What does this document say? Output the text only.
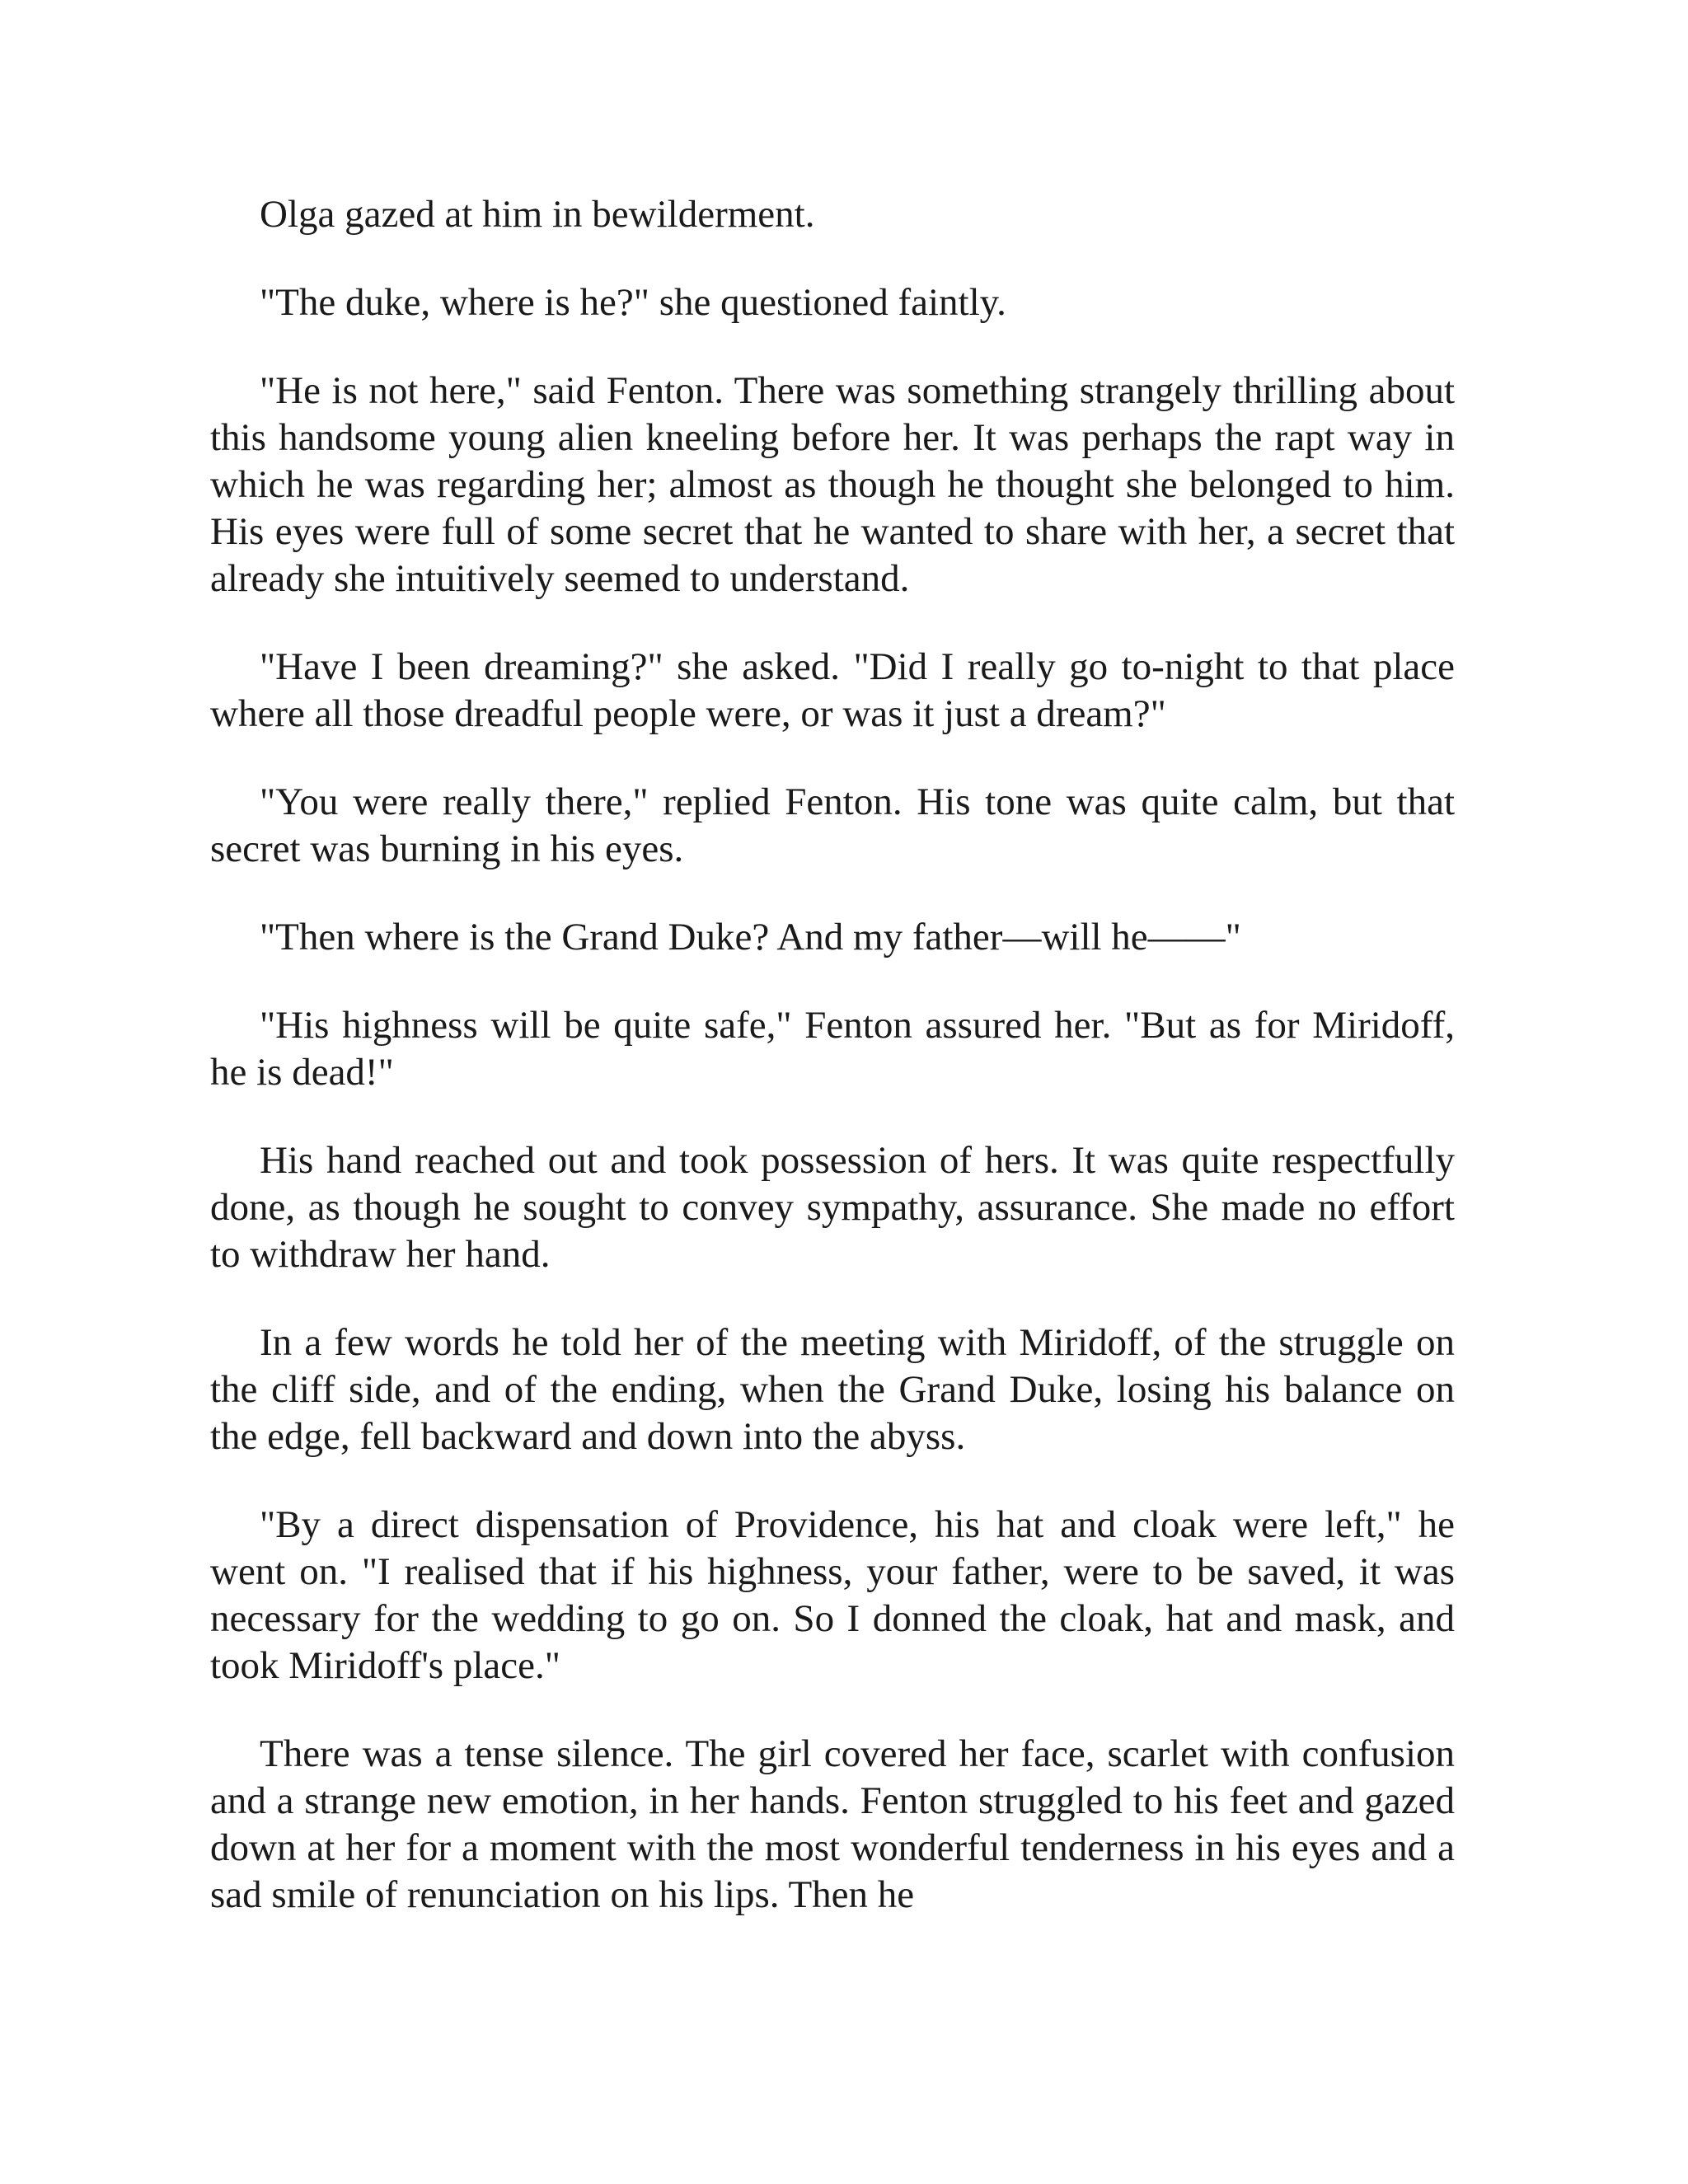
Olga gazed at him in bewilderment.

"The duke, where is he?" she questioned faintly.

"He is not here," said Fenton. There was something strangely thrilling about this handsome young alien kneeling before her. It was perhaps the rapt way in which he was regarding her; almost as though he thought she belonged to him. His eyes were full of some secret that he wanted to share with her, a secret that already she intuitively seemed to understand.

"Have I been dreaming?" she asked. "Did I really go to-night to that place where all those dreadful people were, or was it just a dream?"

"You were really there," replied Fenton. His tone was quite calm, but that secret was burning in his eyes.

"Then where is the Grand Duke? And my father—will he——"

"His highness will be quite safe," Fenton assured her. "But as for Miridoff, he is dead!"

His hand reached out and took possession of hers. It was quite respectfully done, as though he sought to convey sympathy, assurance. She made no effort to withdraw her hand.

In a few words he told her of the meeting with Miridoff, of the struggle on the cliff side, and of the ending, when the Grand Duke, losing his balance on the edge, fell backward and down into the abyss.

"By a direct dispensation of Providence, his hat and cloak were left," he went on. "I realised that if his highness, your father, were to be saved, it was necessary for the wedding to go on. So I donned the cloak, hat and mask, and took Miridoff's place."

There was a tense silence. The girl covered her face, scarlet with confusion and a strange new emotion, in her hands. Fenton struggled to his feet and gazed down at her for a moment with the most wonderful tenderness in his eyes and a sad smile of renunciation on his lips. Then he
